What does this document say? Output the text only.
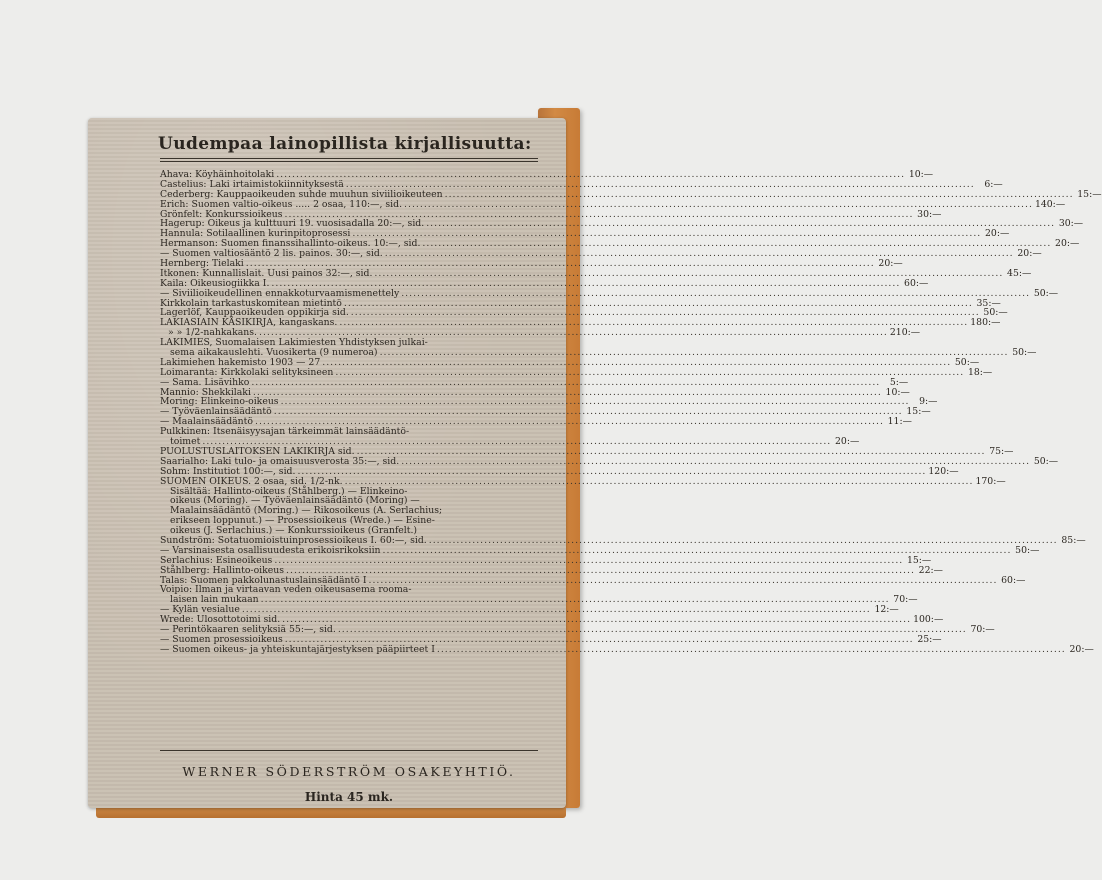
Uudempaa lainopillista kirjallisuutta:
Ahava: Köyhäinhoitolaki .....	10:—
Castelius: Laki irtaimistokiinnityksestä .....	6:—
Cederberg: Kauppaoikeuden suhde muuhun siviilioikeuteen .....	15:—
Erich: Suomen valtio-oikeus ..... 2 osaa, 110:—, sid. .....	140:—
Grönfelt: Konkurssioikeus .....	30:—
Hagerup: Oikeus ja kulttuuri 19. vuosisadalla 20:—, sid. .....	30:—
Hannula: Sotilaallinen kurinpitoprosessi .....	20:—
Hermanson: Suomen finanssihallinto-oikeus. 10:—, sid. .....	20:—
— Suomen valtiosääntö 2 lis. painos. 30:—, sid. .....	20:—
Hernberg: Tielaki .....	20:—
Itkonen: Kunnallislait. Uusi painos 32:—, sid. .....	45:—
Kaila: Oikeusiogiikka I. .....	60:—
— Siviilioikeudellinen ennakkoturvaamismenettely .....	50:—
Kirkkolain tarkastuskomitean mietintö .....	35:—
Lagerlöf, Kauppaoikeuden oppikirja sid. .....	50:—
LAKIASIAIN KÄSIKIRJA, kangaskans. .....	180:—
» » 1/2-nahkakans. .....	210:—
LAKIMIES, Suomalaisen Lakimiesten Yhdistyksen julkai-
sema aikakauslehti. Vuosikerta (9 numeroa) .....	50:—
Lakimiehen hakemisto 1903 — 27 .....	50:—
Loimaranta: Kirkkolaki selityksineen .....	18:—
— Sama. Lisävihko .....	5:—
Mannio: Shekkilaki .....	10:—
Moring: Elinkeino-oikeus .....	9:—
— Työväenlainsäädäntö .....	15:—
— Maalainsäädäntö .....	11:—
Pulkkinen: Itsenäisyysajan tärkeimmät lainsäädäntö-
toimet .....	20:—
PUOLUSTUSLAITOKSEN LAKIKIRJA sid. .....	75:—
Saarialho: Laki tulo- ja omaisuusverosta 35:—, sid. .....	50:—
Sohm: Institutiot 100:—, sid. .....	120:—
SUOMEN OIKEUS. 2 osaa, sid. 1/2-nk. .....	170:—
Sisältää: Hallinto-oikeus (Ståhlberg.) — Elinkeino-
oikeus (Moring). — Työväenlainsäädäntö (Moring) —
Maalainsäädäntö (Moring.) — Rikosoikeus (A. Serlachius;
erikseen loppunut.) — Prosessioikeus (Wrede.) — Esine-
oikeus (J. Serlachius.) — Konkurssioikeus (Granfelt.)
Sundström: Sotatuomioistuinprosessioikeus I. 60:—, sid. .....	85:—
— Varsinaisesta osallisuudesta erikoisrikoksiin .....	50:—
Serlachius: Esineoikeus .....	15:—
Ståhlberg: Hallinto-oikeus .....	22:—
Talas: Suomen pakkolunastuslainsäädäntö I .....	60:—
Voipio: Ilman ja virtaavan veden oikeusasema rooma-
laisen lain mukaan .....	70:—
— Kylän vesialue .....	12:—
Wrede: Ulosottotoimi sid. .....	100:—
— Perintökaaren selityksiä 55:—, sid. .....	70:—
— Suomen prosessioikeus .....	25:—
— Suomen oikeus- ja yhteiskuntajärjestyksen pääpiirteet I .....	20:—
WERNER SÖDERSTRÖM OSAKEYHTIÖ.
Hinta 45 mk.
